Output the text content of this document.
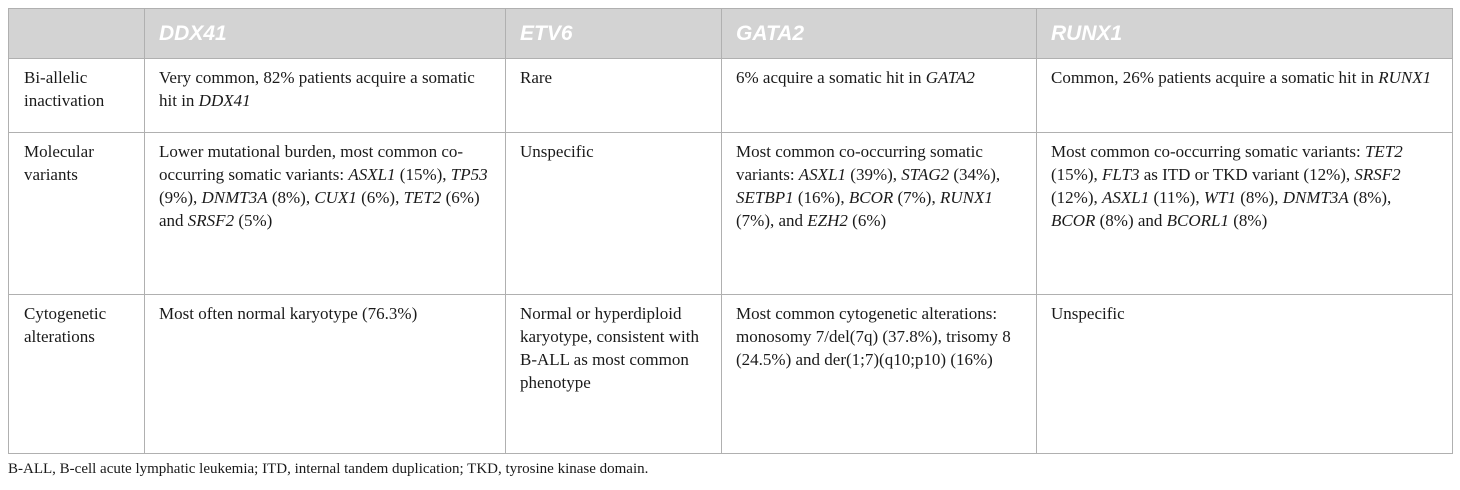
	DDX41	ETV6	GATA2	RUNX1
Bi-allelic inactivation	Very common, 82% patients acquire a somatic hit in DDX41	Rare	6% acquire a somatic hit in GATA2	Common, 26% patients acquire a somatic hit in RUNX1
Molecular variants	Lower mutational burden, most common co-occurring somatic variants: ASXL1 (15%), TP53 (9%), DNMT3A (8%), CUX1 (6%), TET2 (6%) and SRSF2 (5%)	Unspecific	Most common co-occurring somatic variants: ASXL1 (39%), STAG2 (34%), SETBP1 (16%), BCOR (7%), RUNX1 (7%), and EZH2 (6%)	Most common co-occurring somatic variants: TET2 (15%), FLT3 as ITD or TKD variant (12%), SRSF2 (12%), ASXL1 (11%), WT1 (8%), DNMT3A (8%), BCOR (8%) and BCORL1 (8%)
Cytogenetic alterations	Most often normal karyotype (76.3%)	Normal or hyperdiploid karyotype, consistent with B-ALL as most common phenotype	Most common cytogenetic alterations: monosomy 7/del(7q) (37.8%), trisomy 8 (24.5%) and der(1;7)(q10;p10) (16%)	Unspecific
B-ALL, B-cell acute lymphatic leukemia; ITD, internal tandem duplication; TKD, tyrosine kinase domain.
